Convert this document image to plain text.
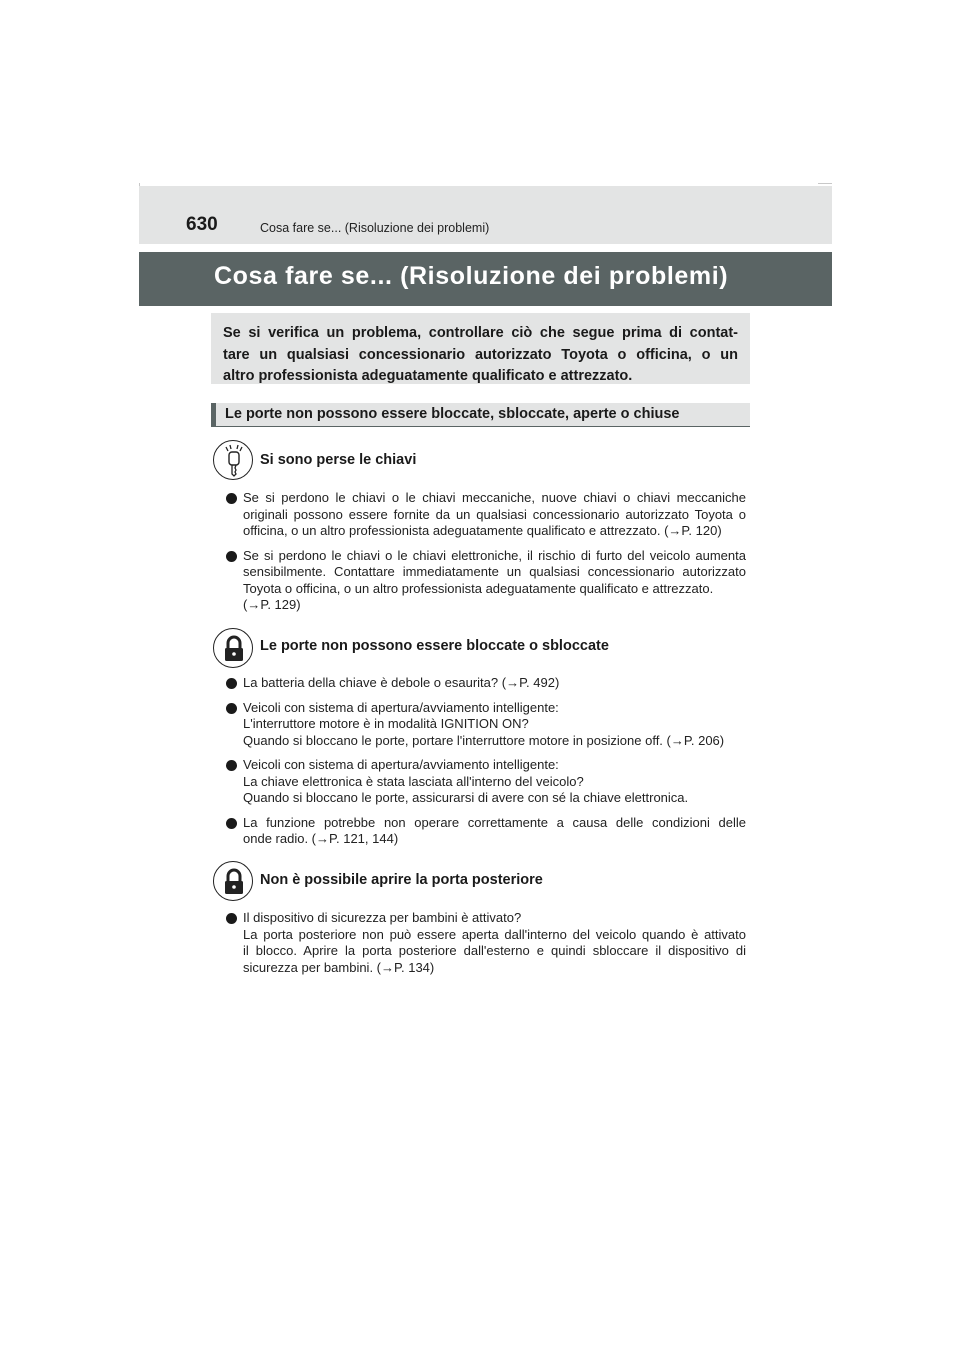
630	Cosa fare se... (Risoluzione dei problemi)
Cosa fare se... (Risoluzione dei problemi)

Se si verifica un problema, controllare ciò che segue prima di contat-
tare un qualsiasi concessionario autorizzato Toyota o officina, o un
altro professionista adeguatamente qualificato e attrezzato.

Le porte non possono essere bloccate, sbloccate, aperte o chiuse
Si sono perse le chiavi
Se si perdono le chiavi o le chiavi meccaniche, nuove chiavi o chiavi meccaniche
originali possono essere fornite da un qualsiasi concessionario autorizzato Toyota o
officina, o un altro professionista adeguatamente qualificato e attrezzato. (→P. 120)
Se si perdono le chiavi o le chiavi elettroniche, il rischio di furto del veicolo aumenta
sensibilmente. Contattare immediatamente un qualsiasi concessionario autorizzato
Toyota o officina, o un altro professionista adeguatamente qualificato e attrezzato.
(→P. 129)
Le porte non possono essere bloccate o sbloccate
La batteria della chiave è debole o esaurita? (→P. 492)
Veicoli con sistema di apertura/avviamento intelligente:
L'interruttore motore è in modalità IGNITION ON?
Quando si bloccano le porte, portare l'interruttore motore in posizione off. (→P. 206)
Veicoli con sistema di apertura/avviamento intelligente:
La chiave elettronica è stata lasciata all'interno del veicolo?
Quando si bloccano le porte, assicurarsi di avere con sé la chiave elettronica.
La funzione potrebbe non operare correttamente a causa delle condizioni delle
onde radio. (→P. 121, 144)
Non è possibile aprire la porta posteriore
Il dispositivo di sicurezza per bambini è attivato?
La porta posteriore non può essere aperta dall'interno del veicolo quando è attivato
il blocco. Aprire la porta posteriore dall'esterno e quindi sbloccare il dispositivo di
sicurezza per bambini. (→P. 134)
